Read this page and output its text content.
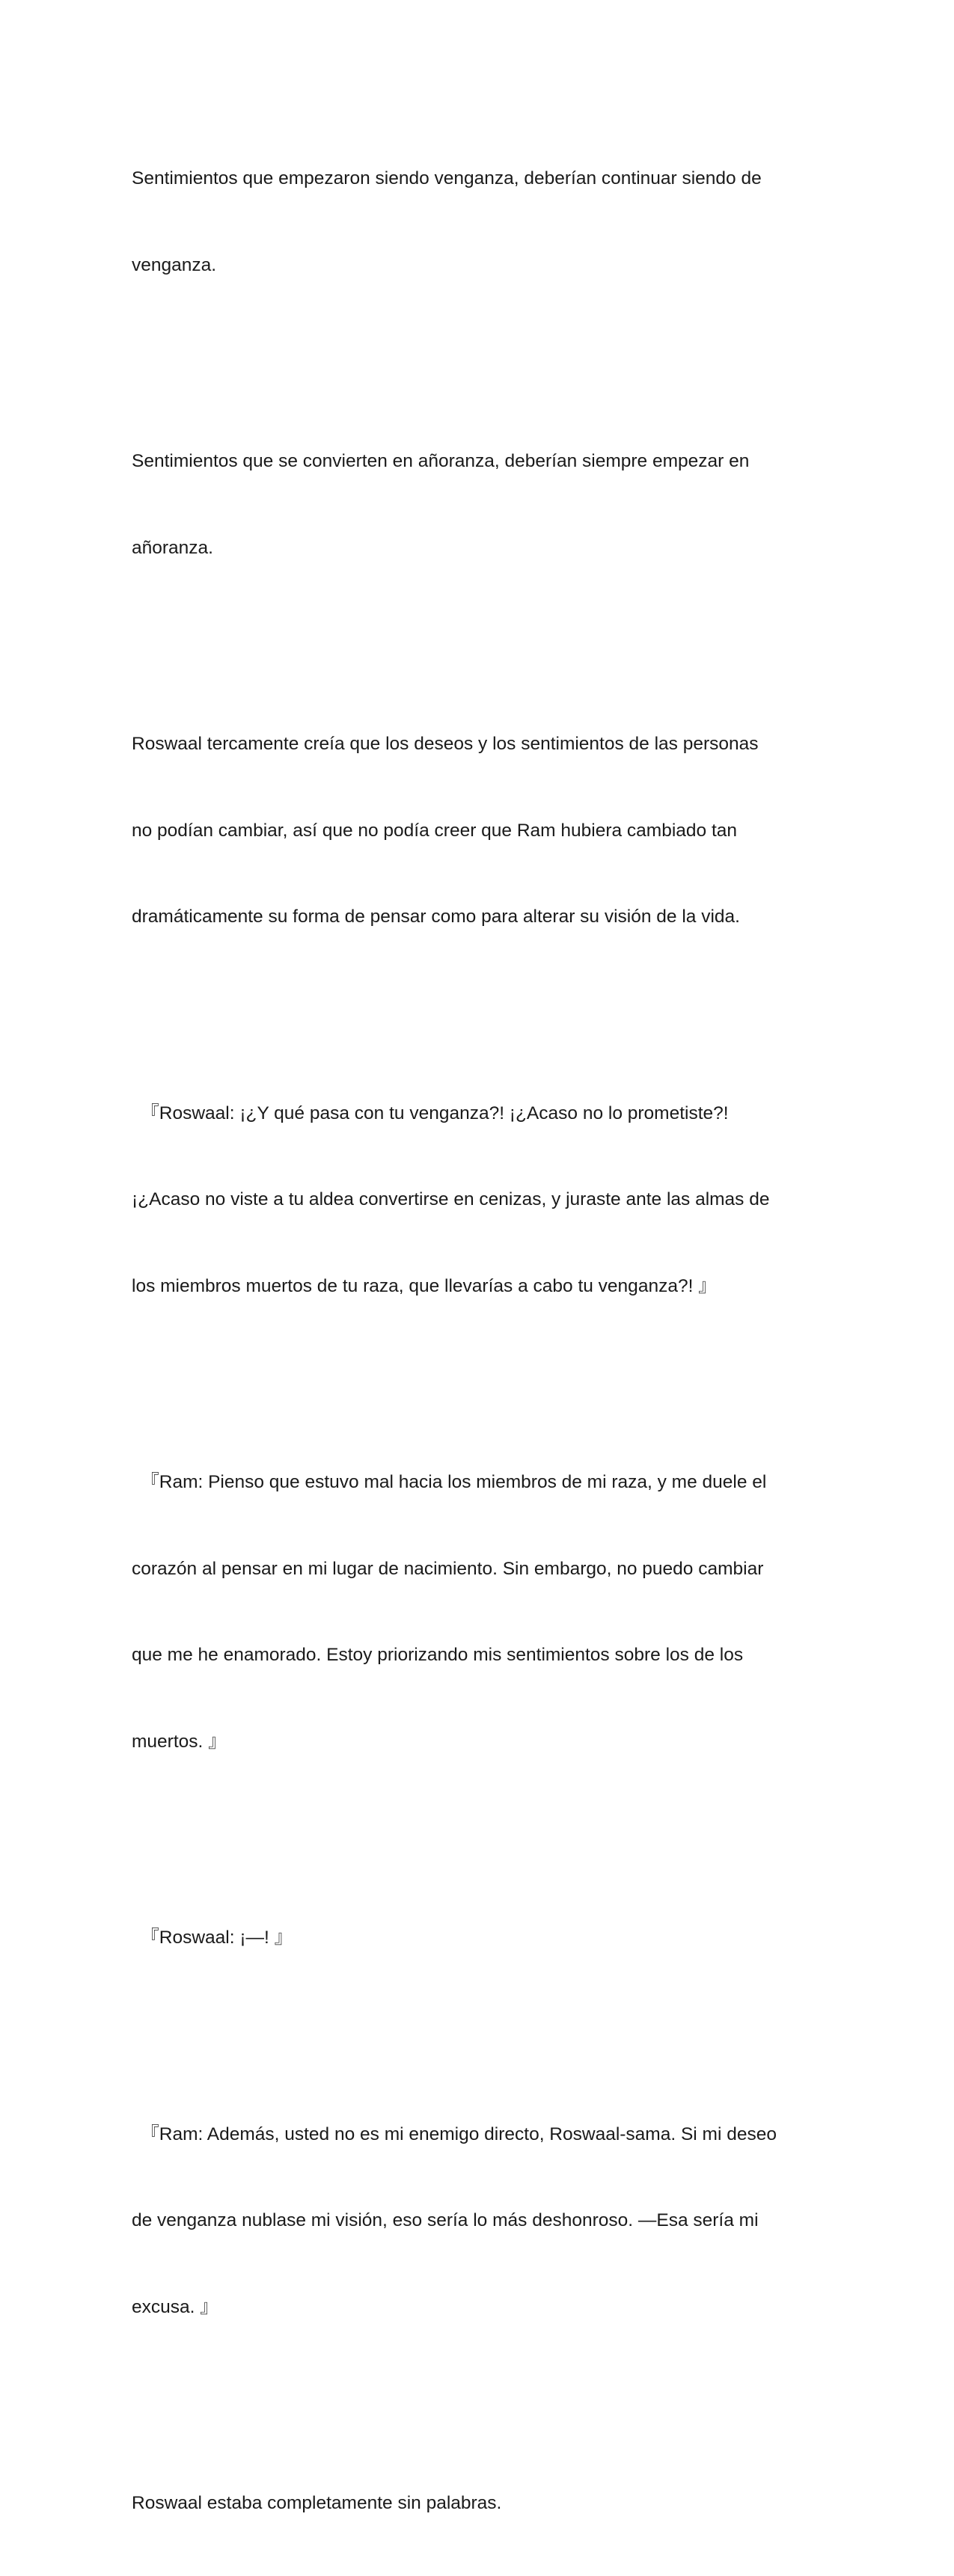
Sentimientos que empezaron siendo venganza, deberían continuar siendo de

venganza.

Sentimientos que se convierten en añoranza, deberían siempre empezar en

añoranza.

Roswaal tercamente creía que los deseos y los sentimientos de las personas

no podían cambiar, así que no podía creer que Ram hubiera cambiado tan

dramáticamente su forma de pensar como para alterar su visión de la vida.

　『Roswaal: ¡¿Y qué pasa con tu venganza?! ¡¿Acaso no lo prometiste?!

¡¿Acaso no viste a tu aldea convertirse en cenizas, y juraste ante las almas de

los miembros muertos de tu raza, que llevarías a cabo tu venganza?! 』

　『Ram: Pienso que estuvo mal hacia los miembros de mi raza, y me duele el

corazón al pensar en mi lugar de nacimiento. Sin embargo, no puedo cambiar

que me he enamorado. Estoy priorizando mis sentimientos sobre los de los

muertos. 』

　『Roswaal: ¡—! 』

　『Ram: Además, usted no es mi enemigo directo, Roswaal-sama. Si mi deseo

de venganza nublase mi visión, eso sería lo más deshonroso. —Esa sería mi

excusa. 』

Roswaal estaba completamente sin palabras.
